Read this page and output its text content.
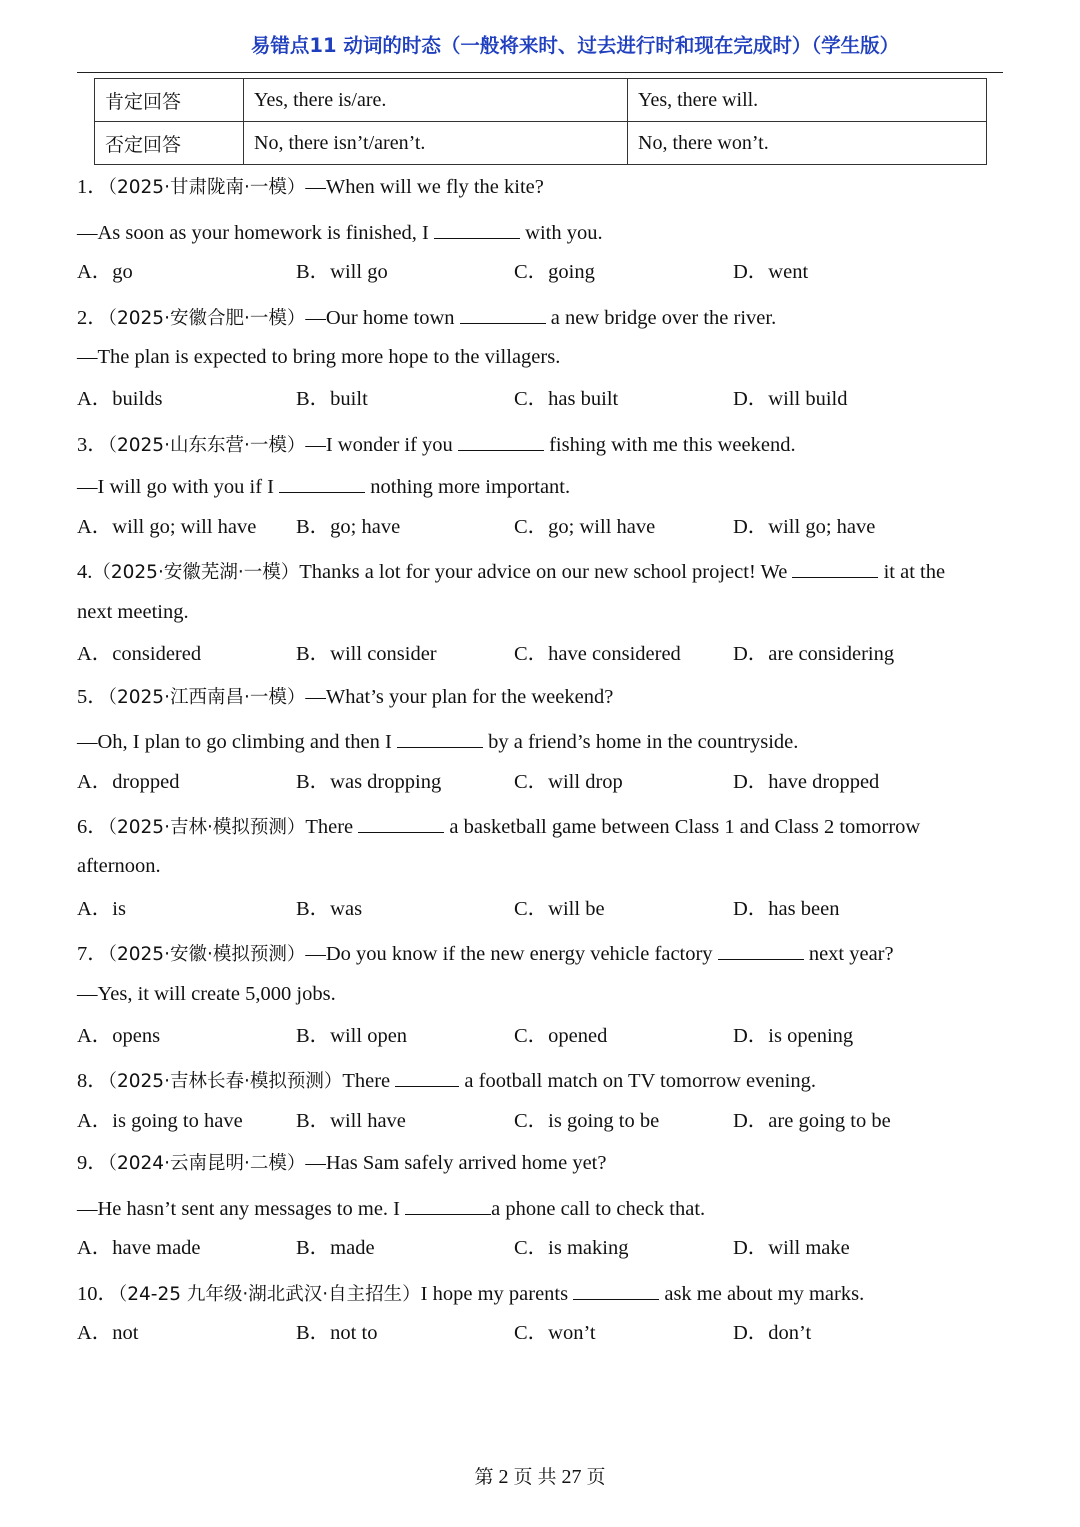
易错点11 动词的时态（一般将来时、过去进行时和现在完成时）（学生版）
肯定回答	Yes, there is/are.	Yes, there will.
否定回答	No, there isn’t/aren’t.	No, there won’t.
1．（2025·甘肃陇南·一模）—When will we fly the kite?
—As soon as your homework is finished, I	with you.
A．go	B．will go	C．going	D．went
2．（2025·安徽合肥·一模）—Our home town	a new bridge over the river.
—The plan is expected to bring more hope to the villagers.
A．builds	B．built	C．has built	D．will build
3．（2025·山东东营·一模）—I wonder if you	fishing with me this weekend.
—I will go with you if I	nothing more important.
A．will go; will have B．go; have	C．go; will have	D．will go; have
4.（2025·安徽芜湖·一模）Thanks a lot for your advice on our new school project! We	it at the
next meeting.
A．considered	B．will consider	C．have considered	D．are considering
5．（2025·江西南昌·一模）—What’s your plan for the weekend?
—Oh, I plan to go climbing and then I	by a friend’s home in the countryside.
A．dropped	B．was dropping	C．will drop	D．have dropped
6．（2025·吉林·模拟预测）There	a basketball game between Class 1 and Class 2 tomorrow
afternoon.
A．is	B．was	C．will be	D．has been
7．（2025·安徽·模拟预测）—Do you know if the new energy vehicle factory	next year?
—Yes, it will create 5,000 jobs.
A．opens	B．will open	C．opened	D．is opening
8．（2025·吉林长春·模拟预测）There	a football match on TV tomorrow evening.
A．is going to have	B．will have	C．is going to be	D．are going to be
9．（2024·云南昆明·二模）—Has Sam safely arrived home yet?
—He hasn’t sent any messages to me. I	a phone call to check that.
A．have made	B．made	C．is making	D．will make
10．（24-25 九年级·湖北武汉·自主招生）I hope my parents	ask me about my marks.
A．not	B．not to	C．won’t	D．don’t
第 2 页 共 27 页
